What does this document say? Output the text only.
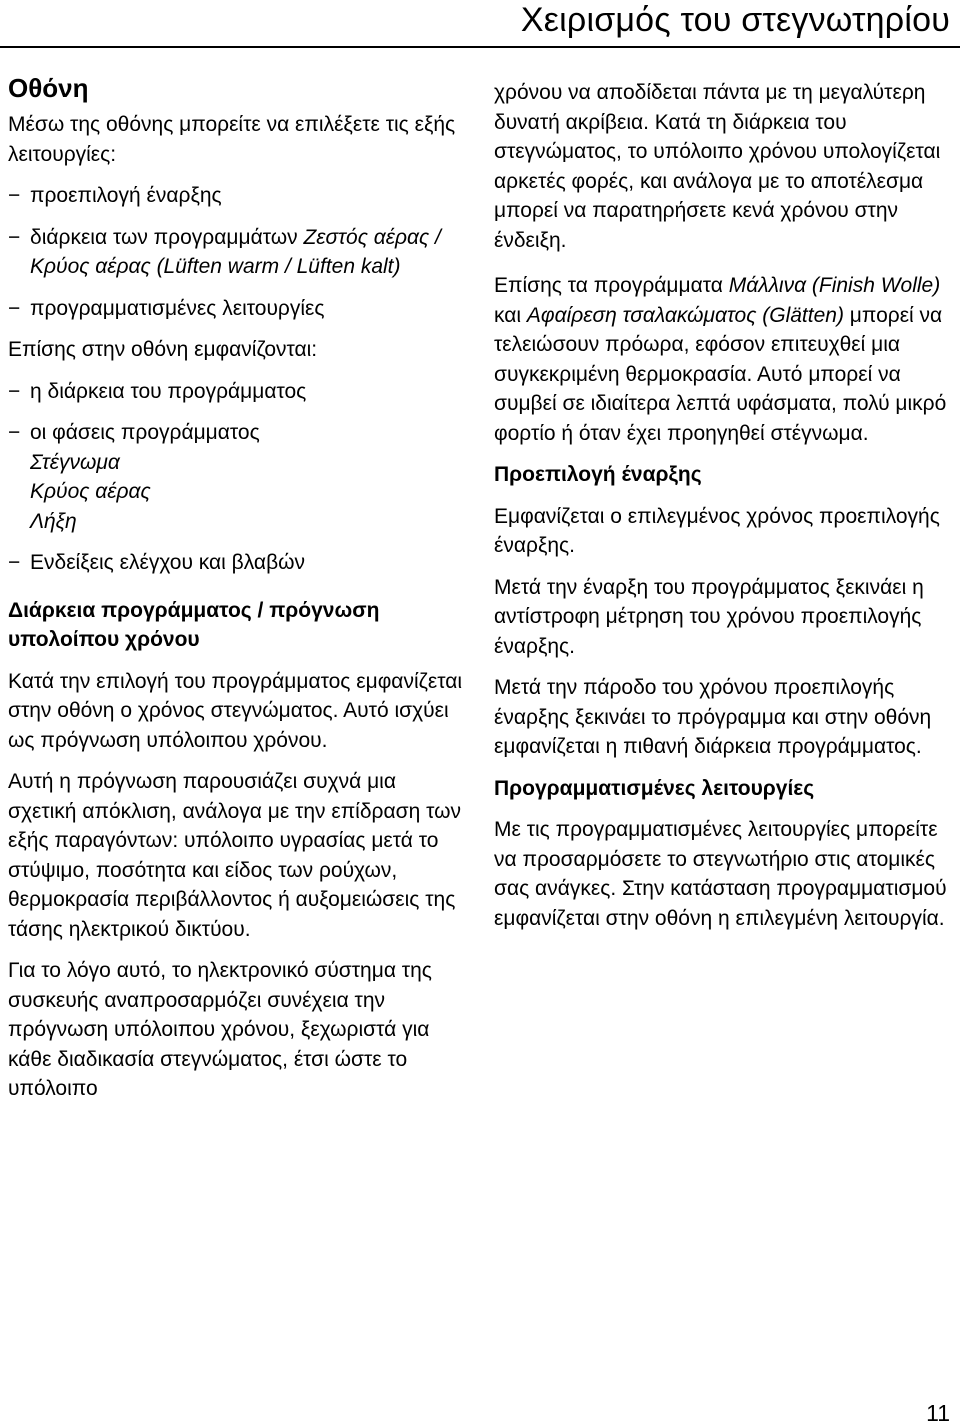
Χειρισμός του στεγνωτηρίου
Οθόνη

Μέσω της οθόνης μπορείτε να επιλέξετε τις εξής λειτουργίες:

− προεπιλογή έναρξης
− διάρκεια των προγραμμάτων Ζεστός αέρας / Κρύος αέρας (Lüften warm / Lüften kalt)
− προγραμματισμένες λειτουργίες

Επίσης στην οθόνη εμφανίζονται:

− η διάρκεια του προγράμματος
− οι φάσεις προγράμματος
Στέγνωμα
Κρύος αέρας
Λήξη
− Ενδείξεις ελέγχου και βλαβών

Διάρκεια προγράμματος / πρόγνωση υπολοίπου χρόνου

Κατά την επιλογή του προγράμματος εμφανίζεται στην οθόνη ο χρόνος στεγνώματος. Αυτό ισχύει ως πρόγνωση υπόλοιπου χρόνου.

Αυτή η πρόγνωση παρουσιάζει συχνά μια σχετική απόκλιση, ανάλογα με την επίδραση των εξής παραγόντων: υπόλοιπο υγρασίας μετά το στύψιμο, ποσότητα και είδος των ρούχων, θερμοκρασία περιβάλλοντος ή αυξομειώσεις της τάσης ηλεκτρικού δικτύου.

Για το λόγο αυτό, το ηλεκτρονικό σύστημα της συσκευής αναπροσαρμόζει συνέχεια την πρόγνωση υπόλοιπου χρόνου, ξεχωριστά για κάθε διαδικασία στεγνώματος, έτσι ώστε το υπόλοιπο

χρόνου να αποδίδεται πάντα με τη μεγαλύτερη δυνατή ακρίβεια. Κατά τη διάρκεια του στεγνώματος, το υπόλοιπο χρόνου υπολογίζεται αρκετές φορές, και ανάλογα με το αποτέλεσμα μπορεί να παρατηρήσετε κενά χρόνου στην ένδειξη.

Επίσης τα προγράμματα Μάλλινα (Finish Wolle) και Αφαίρεση τσαλακώματος (Glätten) μπορεί να τελειώσουν πρόωρα, εφόσον επιτευχθεί μια συγκεκριμένη θερμοκρασία. Αυτό μπορεί να συμβεί σε ιδιαίτερα λεπτά υφάσματα, πολύ μικρό φορτίο ή όταν έχει προηγηθεί στέγνωμα.

Προεπιλογή έναρξης

Εμφανίζεται ο επιλεγμένος χρόνος προεπιλογής έναρξης.

Μετά την έναρξη του προγράμματος ξεκινάει η αντίστροφη μέτρηση του χρόνου προεπιλογής έναρξης.

Μετά την πάροδο του χρόνου προεπιλογής έναρξης ξεκινάει το πρόγραμμα και στην οθόνη εμφανίζεται η πιθανή διάρκεια προγράμματος.

Προγραμματισμένες λειτουργίες

Με τις προγραμματισμένες λειτουργίες μπορείτε να προσαρμόσετε το στεγνωτήριο στις ατομικές σας ανάγκες. Στην κατάσταση προγραμματισμού εμφανίζεται στην οθόνη η επιλεγμένη λειτουργία.

11
